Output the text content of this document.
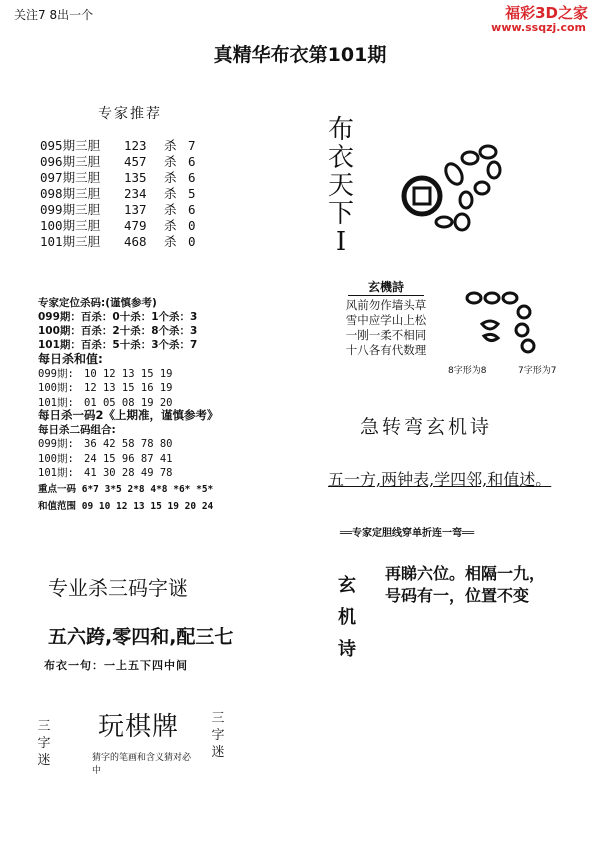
关注7 8出一个	福彩3D之家
www.ssqzj.com
真精华布衣第101期
专家推荐
095期三胆 123 杀 7
096期三胆 457 杀 6
097期三胆 135 杀 6
098期三胆 234 杀 5
099期三胆 137 杀 6
100期三胆 479 杀 0
101期三胆 468 杀 0
专家定位杀码:(谨慎参考)
099期：百杀：0十杀：1个杀：3
100期：百杀：2十杀：8个杀：3
101期：百杀：5十杀：3个杀：7
每日杀和值:
099期: 10 12 13 15 19
100期: 12 13 15 16 19
101期: 01 05 08 19 20
每日杀一码2《上期准，谨慎参考》
每日杀二码组合:
099期: 36 42 58 78 80
100期: 24 15 96 87 41
101期: 41 30 28 49 78
重点一码 6*7 3*5 2*8 4*8 *6* *5*
和值范围 09 10 12 13 15 19 20 24
专业杀三码字谜
五六跨,零四和,配三七
布衣一句：一上五下四中间
三字迷
玩棋牌 三字迷
猜字的笔画和含义猜对必中
布衣天下I
玄機詩
风前勿作墙头草
雪中应学山上松
一刚一柔不相同
十八各有代数理
8字形为8	7字形为7
急转弯玄机诗
五一方,两钟表,学四邻,和值述。
══ 专家定胆线穿单折连一弯 ══
玄机诗
再睇六位。相隔一九，
号码有一，位置不变
